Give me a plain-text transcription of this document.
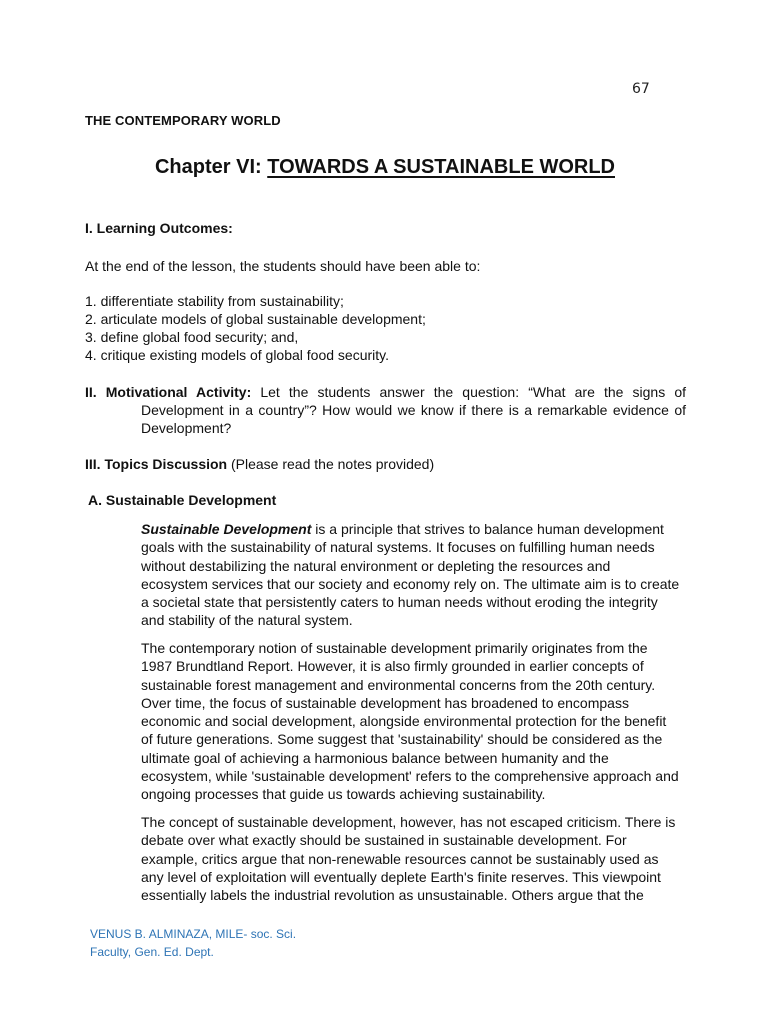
67
THE CONTEMPORARY WORLD
Chapter VI: TOWARDS A SUSTAINABLE WORLD
I. Learning Outcomes:
At the end of the lesson, the students should have been able to:
1. differentiate stability from sustainability;
2. articulate models of global sustainable development;
3. define global food security; and,
4. critique existing models of global food security.
II. Motivational Activity: Let the students answer the question: “What are the signs of
Development in a country”? How would we know if there is a remarkable evidence of Development?
III. Topics Discussion (Please read the notes provided)
A. Sustainable Development
Sustainable Development is a principle that strives to balance human development goals with the sustainability of natural systems. It focuses on fulfilling human needs without destabilizing the natural environment or depleting the resources and ecosystem services that our society and economy rely on. The ultimate aim is to create a societal state that persistently caters to human needs without eroding the integrity and stability of the natural system.
The contemporary notion of sustainable development primarily originates from the 1987 Brundtland Report. However, it is also firmly grounded in earlier concepts of sustainable forest management and environmental concerns from the 20th century. Over time, the focus of sustainable development has broadened to encompass economic and social development, alongside environmental protection for the benefit of future generations. Some suggest that 'sustainability' should be considered as the ultimate goal of achieving a harmonious balance between humanity and the ecosystem, while 'sustainable development' refers to the comprehensive approach and ongoing processes that guide us towards achieving sustainability.
The concept of sustainable development, however, has not escaped criticism. There is debate over what exactly should be sustained in sustainable development. For example, critics argue that non-renewable resources cannot be sustainably used as any level of exploitation will eventually deplete Earth's finite reserves. This viewpoint essentially labels the industrial revolution as unsustainable. Others argue that the
VENUS B. ALMINAZA, MILE- soc. Sci.
Faculty, Gen. Ed. Dept.
